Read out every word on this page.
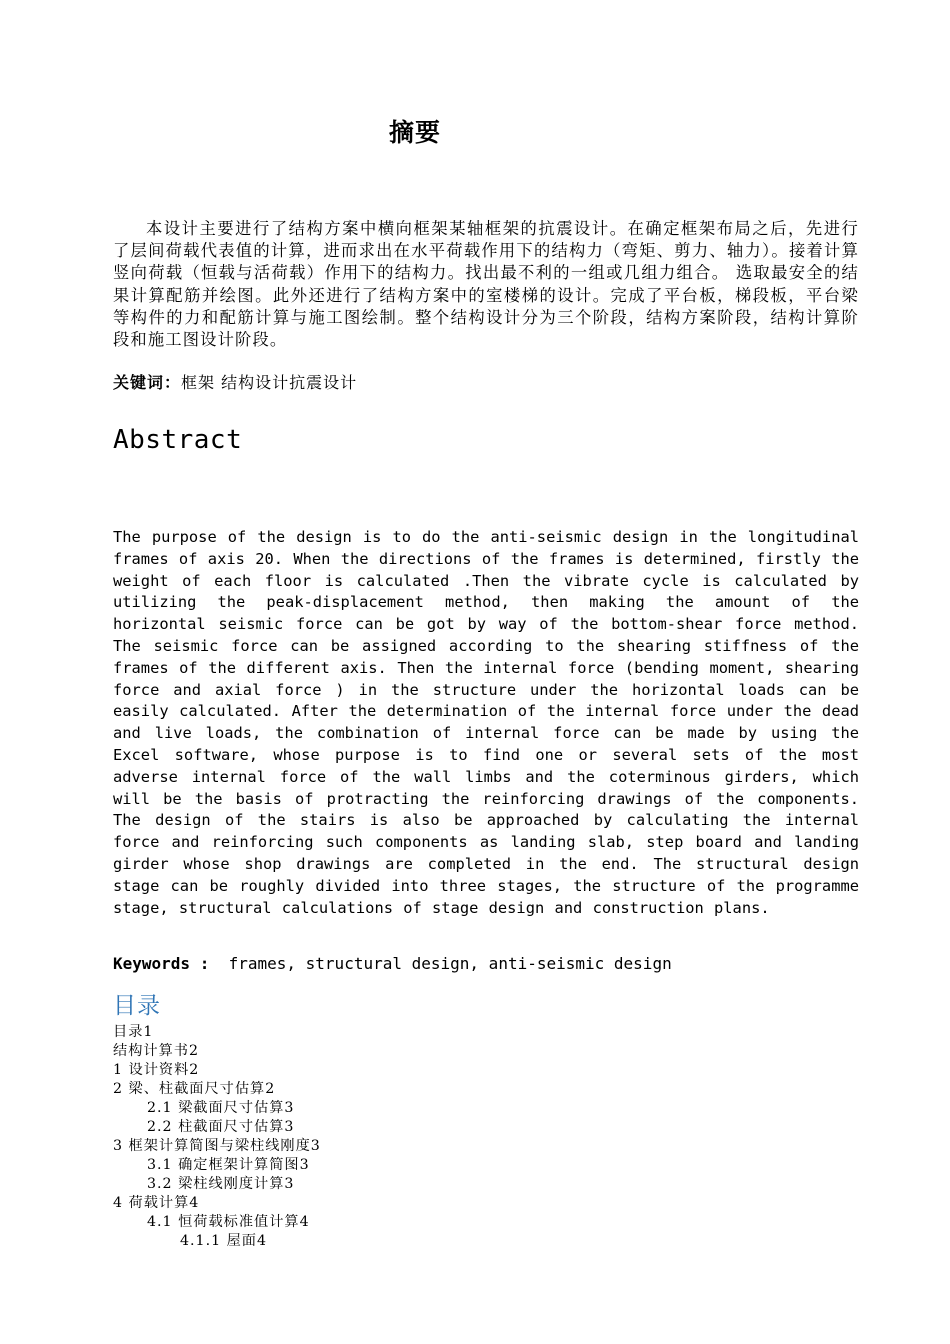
摘要

本设计主要进行了结构方案中横向框架某轴框架的抗震设计。在确定框架布局之后，先进行了层间荷载代表值的计算，进而求出在水平荷载作用下的结构力（弯矩、剪力、轴力）。接着计算竖向荷载（恒载与活荷载）作用下的结构力。找出最不利的一组或几组力组合。 选取最安全的结果计算配筋并绘图。此外还进行了结构方案中的室楼梯的设计。完成了平台板，梯段板，平台梁等构件的力和配筋计算与施工图绘制。整个结构设计分为三个阶段，结构方案阶段，结构计算阶段和施工图设计阶段。

关键词：框架 结构设计抗震设计
Abstract

The purpose of the design is to do the anti-seismic design in the longitudinal frames of axis 20. When the directions of the frames is determined, firstly the weight of each floor is calculated .Then the vibrate cycle is calculated by utilizing the peak-displacement method, then making the amount of the horizontal seismic force can be got by way of the bottom-shear force method. The seismic force can be assigned according to the shearing stiffness of the frames of the different axis. Then the internal force (bending moment, shearing force and axial force ) in the structure under the horizontal loads can be easily calculated. After the determination of the internal force under the dead and live loads, the combination of internal force can be made by using the Excel software, whose purpose is to find one or several sets of the most adverse internal force of the wall limbs and the coterminous girders, which will be the basis of protracting the reinforcing drawings of the components. The design of the stairs is also be approached by calculating the internal force and reinforcing such components as landing slab, step board and landing girder whose shop drawings are completed in the end. The structural design stage can be roughly divided into three stages, the structure of the programme stage, structural calculations of stage design and construction plans.

Keywords : frames, structural design, anti-seismic design
目录
目录1
结构计算书2
1 设计资料2
2 梁、柱截面尺寸估算2
2.1 梁截面尺寸估算3
2.2 柱截面尺寸估算3
3 框架计算简图与梁柱线刚度3
3.1 确定框架计算简图3
3.2 梁柱线刚度计算3
4 荷载计算4
4.1 恒荷载标准值计算4
4.1.1 屋面4
